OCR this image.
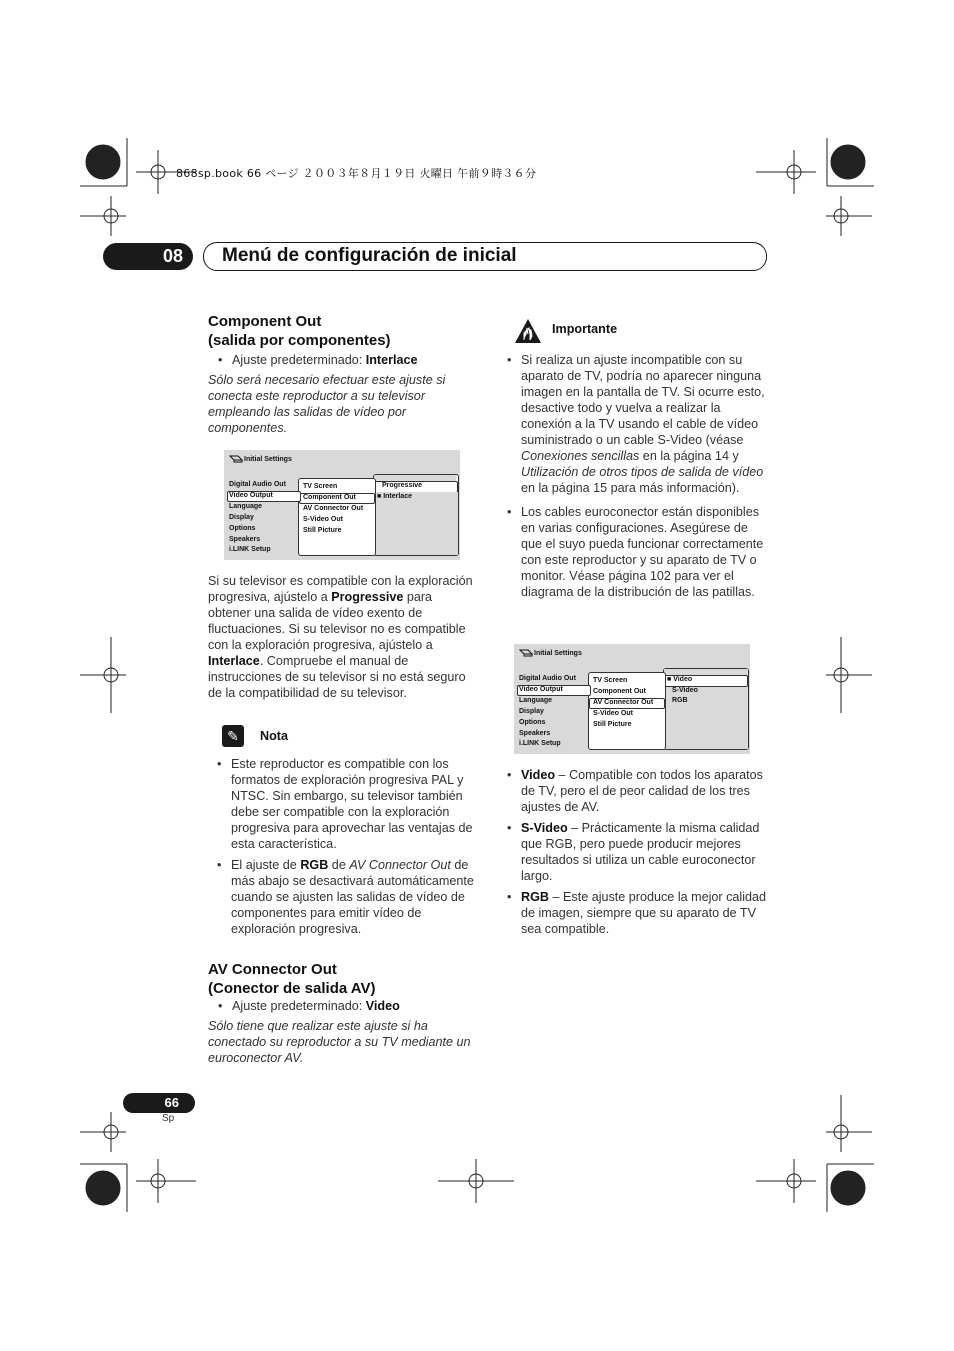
868sp.book 66 ページ ２００３年８月１９日 火曜日 午前９時３６分
08	Menú de configuración de inicial
Component Out
(salida por componentes)
• Ajuste predeterminado: Interlace
Sólo será necesario efectuar este ajuste si conecta este reproductor a su televisor empleando las salidas de vídeo por componentes.
Initial Settings
Progressive
■ Interlace
TV Screen
Component Out
AV Connector Out
S-Video Out
Still Picture
Digital Audio Out
Video Output
Language
Display
Options
Speakers
i.LINK Setup
Si su televisor es compatible con la exploración progresiva, ajústelo a Progressive para obtener una salida de vídeo exento de fluctuaciones. Si su televisor no es compatible con la exploración progresiva, ajústelo a Interlace. Compruebe el manual de instrucciones de su televisor si no está seguro de la compatibilidad de su televisor.
✎	Nota
• Este reproductor es compatible con los formatos de exploración progresiva PAL y NTSC. Sin embargo, su televisor también debe ser compatible con la exploración progresiva para aprovechar las ventajas de esta característica.
• El ajuste de RGB de AV Connector Out de más abajo se desactivará automáticamente cuando se ajusten las salidas de vídeo de componentes para emitir vídeo de exploración progresiva.
AV Connector Out
(Conector de salida AV)
• Ajuste predeterminado: Video
Sólo tiene que realizar este ajuste si ha conectado su reproductor a su TV mediante un euroconector AV.
Importante
• Si realiza un ajuste incompatible con su aparato de TV, podría no aparecer ninguna imagen en la pantalla de TV. Si ocurre esto, desactive todo y vuelva a realizar la conexión a la TV usando el cable de vídeo suministrado o un cable S-Video (véase Conexiones sencillas en la página 14 y Utilización de otros tipos de salida de vídeo en la página 15 para más información).
• Los cables euroconector están disponibles en varias configuraciones. Asegúrese de que el suyo pueda funcionar correctamente con este reproductor y su aparato de TV o monitor. Véase página 102 para ver el diagrama de la distribución de las patillas.
Initial Settings
■ Video
S-Video
RGB
TV Screen
Component Out
AV Connector Out
S-Video Out
Still Picture
Digital Audio Out
Video Output
Language
Display
Options
Speakers
i.LINK Setup
• Video – Compatible con todos los aparatos de TV, pero el de peor calidad de los tres ajustes de AV.
• S-Video – Prácticamente la misma calidad que RGB, pero puede producir mejores resultados si utiliza un cable euroconector largo.
• RGB – Este ajuste produce la mejor calidad de imagen, siempre que su aparato de TV sea compatible.
66
Sp
